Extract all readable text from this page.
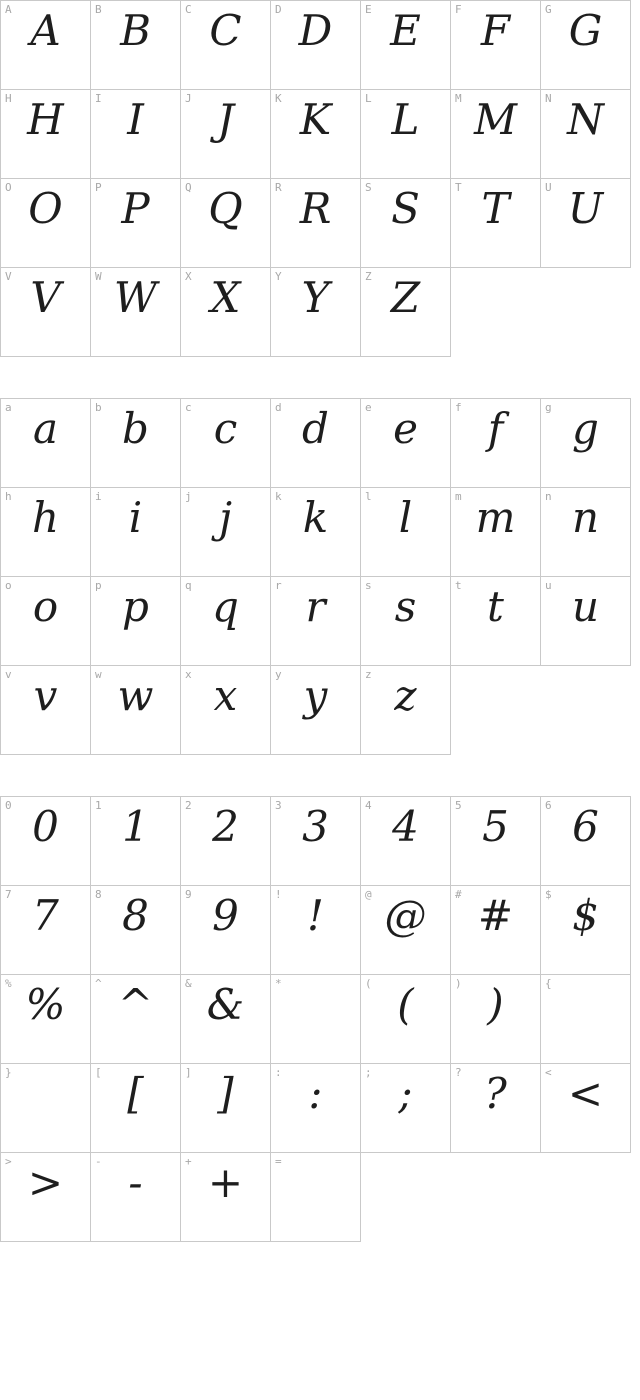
A A	B B	C C	D D	E E	F F	G G

H H	I I	J J	K K	L L	M M	N N

O O	P P	Q Q	R R	S S	T T	U U

V V	W W	X X	Y Y	Z Z		
a a	b b	c c	d d	e e	f f	g g

h h	i i	j j	k k	l l	m m	n n

o o	p p	q q	r r	s s	t t	u u

v v	w w	x x	y y	z z		
0 0	1 1	2 2	3 3	4 4	5 5	6 6

7 7	8 8	9 9	! !	@ @	# #	$ $

% %	^ ^	& &	*	( (	) )	{

}	[ [	] ]	: :	; ;	? ?	< <

> >	- -	+ +	=			
